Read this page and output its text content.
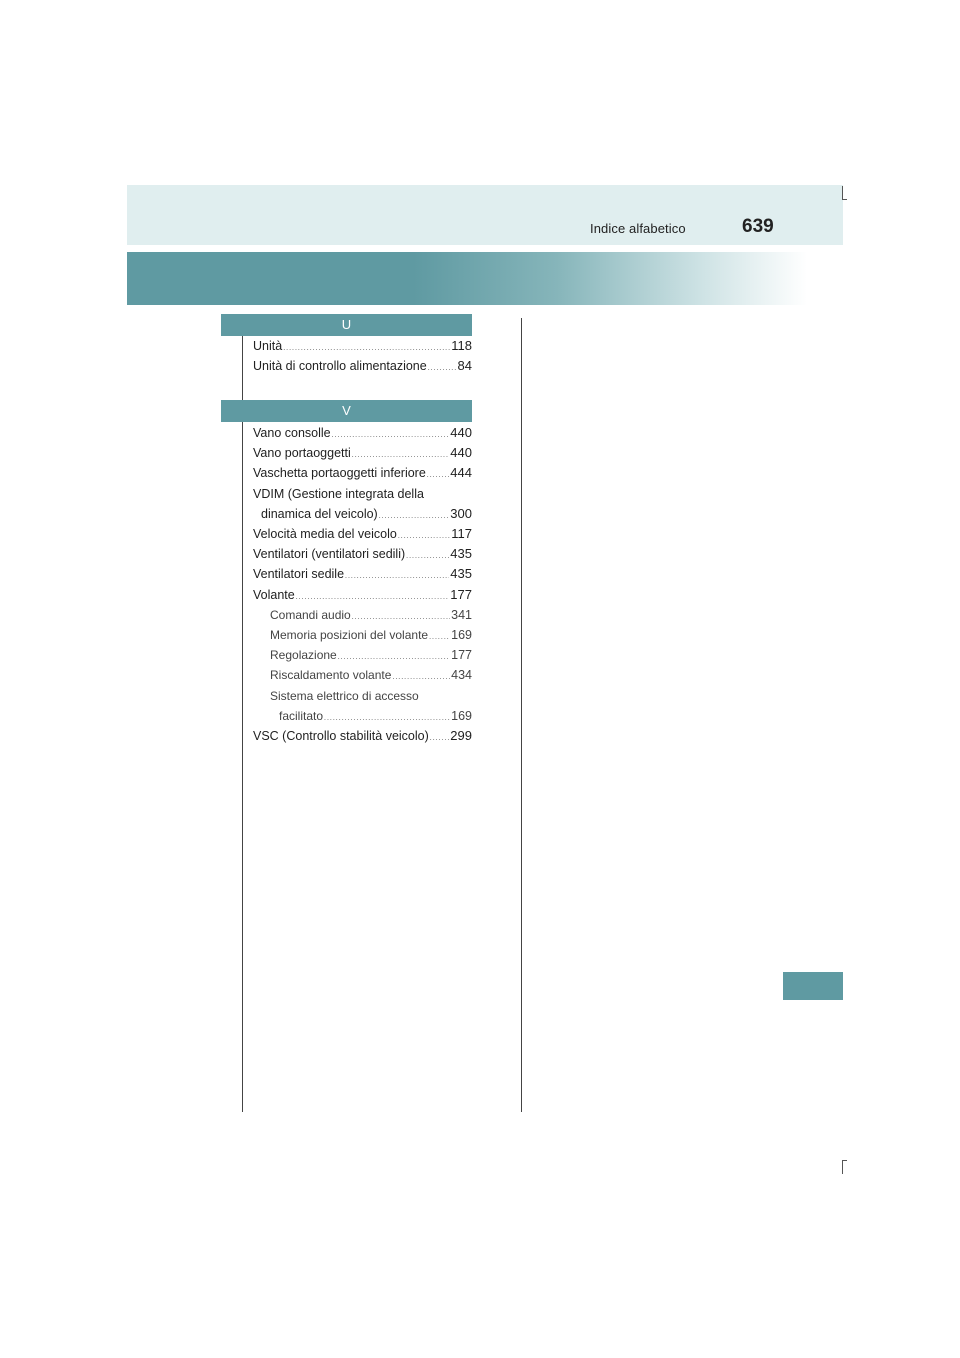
Indice alfabetico	639
U
Unità .....	118
Unità di controllo alimentazione ..... 84
V
Vano consolle .....	440
Vano portaoggetti .....	440
Vaschetta portaoggetti inferiore ..... 444
VDIM (Gestione integrata della
dinamica del veicolo) .....	300
Velocità media del veicolo .....	117
Ventilatori (ventilatori sedili) .....	435
Ventilatori sedile .....	435
Volante .....	177
Comandi audio .....	341
Memoria posizioni del volante ..... 169
Regolazione .....	177
Riscaldamento volante .....	434
Sistema elettrico di accesso
facilitato .....	169
VSC (Controllo stabilità veicolo) ..... 299
